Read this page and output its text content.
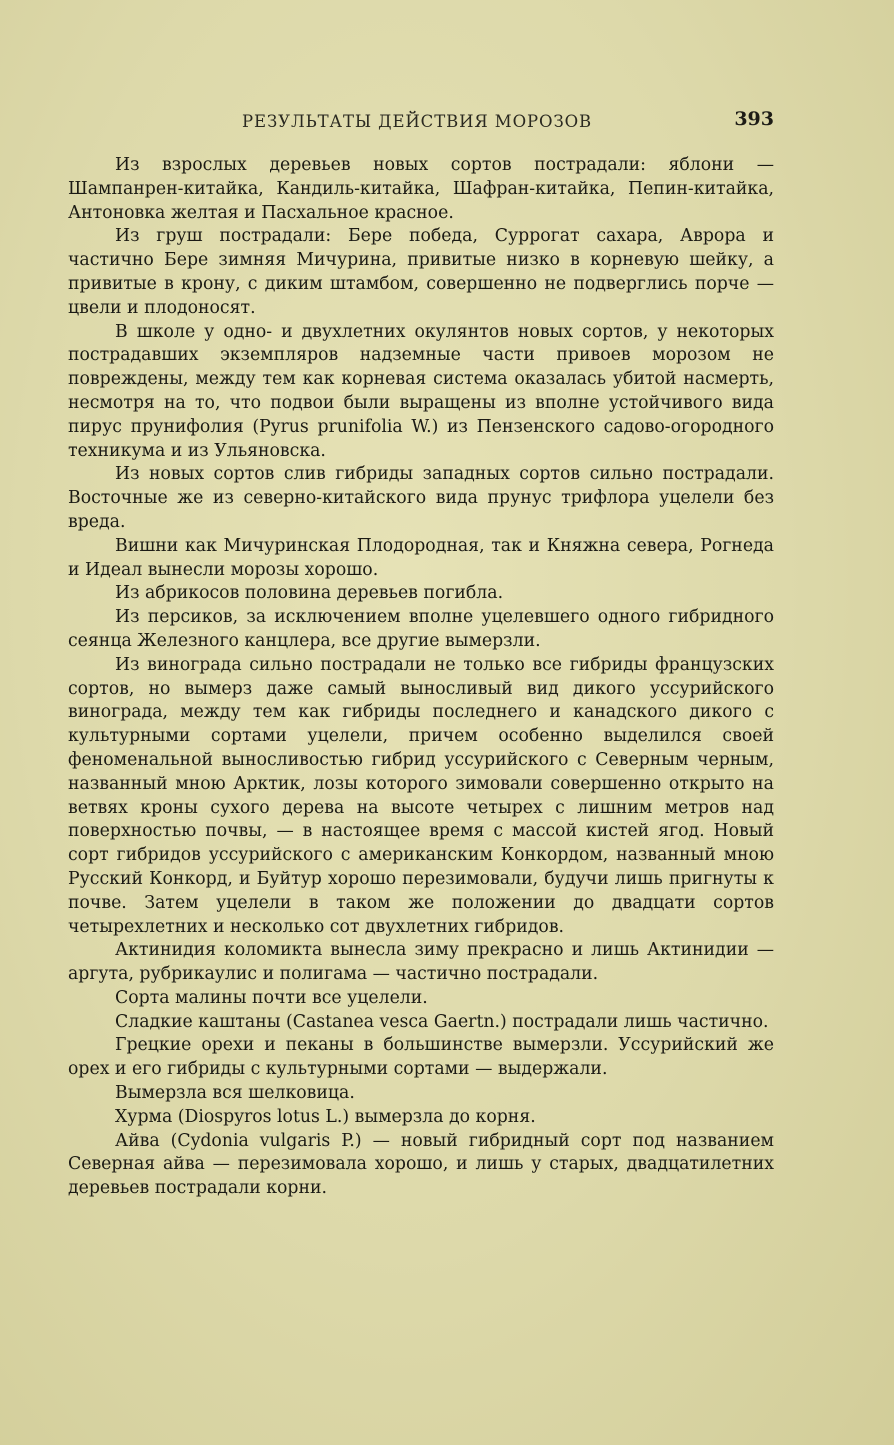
РЕЗУЛЬТАТЫ ДЕЙСТВИЯ МОРОЗОВ	393

Из взрослых деревьев новых сортов пострадали: яблони — Шампанрен-китайка, Кандиль-китайка, Шафран-китайка, Пепин-китайка, Антоновка желтая и Пасхальное красное.

Из груш пострадали: Бере победа, Суррогат сахара, Аврора и частично Бере зимняя Мичурина, привитые низко в корневую шейку, а привитые в крону, с диким штамбом, совершенно не подверглись порче — цвели и плодоносят.

В школе у одно- и двухлетних окулянтов новых сортов, у некоторых пострадавших экземпляров надземные части привоев морозом не повреждены, между тем как корневая система оказалась убитой насмерть, несмотря на то, что подвои были выращены из вполне устойчивого вида пирус прунифолия (Pyrus prunifolia W.) из Пензенского садово-огородного техникума и из Ульяновска.

Из новых сортов слив гибриды западных сортов сильно пострадали. Восточные же из северно-китайского вида прунус трифлора уцелели без вреда.

Вишни как Мичуринская Плодородная, так и Княжна севера, Рогнеда и Идеал вынесли морозы хорошо.

Из абрикосов половина деревьев погибла.

Из персиков, за исключением вполне уцелевшего одного гибридного сеянца Железного канцлера, все другие вымерзли.

Из винограда сильно пострадали не только все гибриды французских сортов, но вымерз даже самый выносливый вид дикого уссурийского винограда, между тем как гибриды последнего и канадского дикого с культурными сортами уцелели, причем особенно выделился своей феноменальной выносливостью гибрид уссурийского с Северным черным, названный мною Арктик, лозы которого зимовали совершенно открыто на ветвях кроны сухого дерева на высоте четырех с лишним метров над поверхностью почвы, — в настоящее время с массой кистей ягод. Новый сорт гибридов уссурийского с американским Конкордом, названный мною Русский Конкорд, и Буйтур хорошо перезимовали, будучи лишь пригнуты к почве. Затем уцелели в таком же положении до двадцати сортов четырехлетних и несколько сот двухлетних гибридов.

Актинидия коломикта вынесла зиму прекрасно и лишь Актинидии — аргута, рубрикаулис и полигама — частично пострадали.

Сорта малины почти все уцелели.

Сладкие каштаны (Castanea vesca Gaertn.) пострадали лишь частично.

Грецкие орехи и пеканы в большинстве вымерзли. Уссурийский же орех и его гибриды с культурными сортами — выдержали.

Вымерзла вся шелковица.

Хурма (Diospyros lotus L.) вымерзла до корня.

Айва (Cydonia vulgaris P.) — новый гибридный сорт под названием Северная айва — перезимовала хорошо, и лишь у старых, двадцатилетних деревьев пострадали корни.
